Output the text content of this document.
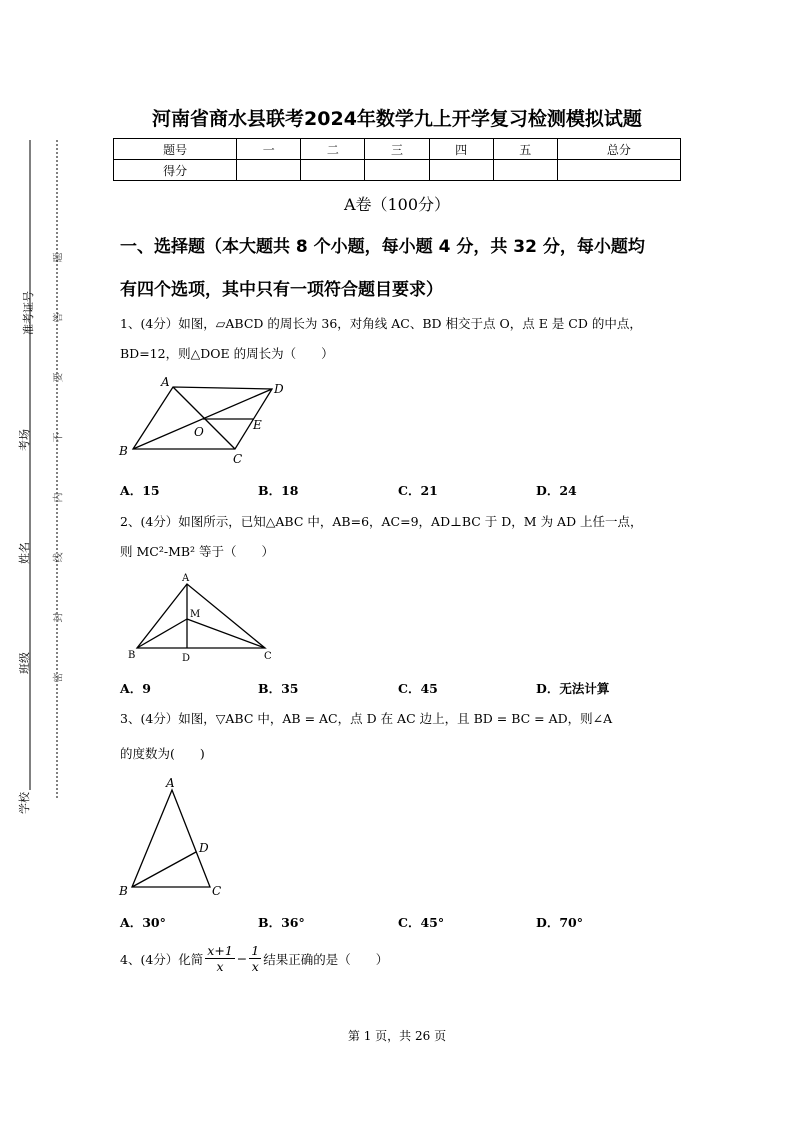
河南省商水县联考2024年数学九上开学复习检测模拟试题
题号	一	二	三	四	五	总分
得分						
A卷（100分）
准考证号
考场
姓名
班级
学校
题
答
要
不
内
线
封
密
一、选择题（本大题共 8 个小题，每小题 4 分，共 32 分，每小题均
有四个选项，其中只有一项符合题目要求）
1、(4分）如图，▱ABCD 的周长为 36，对角线 AC、BD 相交于点 O，点 E 是 CD 的中点，
BD=12，则△DOE 的周长为（　　）
A	D
E
O
B
C
A．15	B．18	C．21	D．24
2、(4分）如图所示，已知△ABC 中，AB=6，AC=9，AD⊥BC 于 D，M 为 AD 上任一点，
则 MC²-MB² 等于（　　）
A
M
B	D	C
A．9	B．35	C．45	D．无法计算
3、(4分）如图，▽ABC 中，AB = AC，点 D 在 AC 边上，且 BD = BC = AD，则∠A
的度数为(　　)
A
D
B	C
A．30°	B．36°	C．45°	D．70°
4、(4分）化简 $\frac{x+1}{x} - \frac{1}{x}$ 结果正确的是（　　）
第 1 页，共 26 页
